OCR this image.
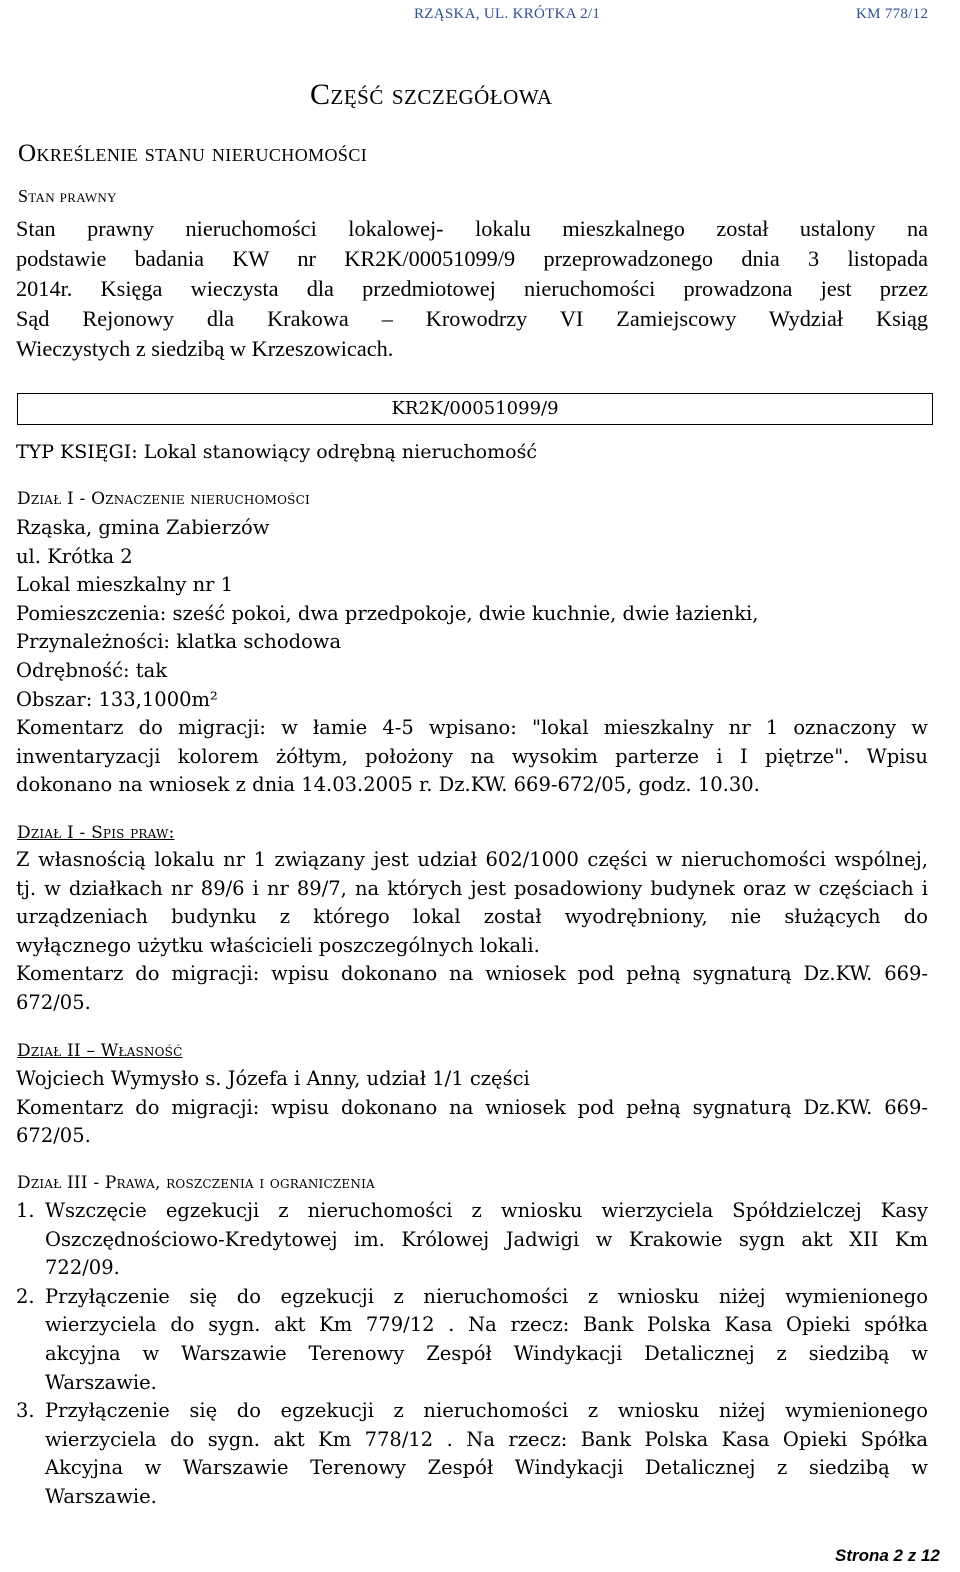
RZĄSKA, UL. KRÓTKA 2/1	KM 778/12
Część szczegółowa
Określenie stanu nieruchomości
Stan prawny
Stan prawny nieruchomości lokalowej- lokalu mieszkalnego został ustalony na
podstawie badania KW nr KR2K/00051099/9 przeprowadzonego dnia 3 listopada
2014r. Księga wieczysta dla przedmiotowej nieruchomości prowadzona jest przez
Sąd Rejonowy dla Krakowa – Krowodrzy VI Zamiejscowy Wydział Ksiąg
Wieczystych z siedzibą w Krzeszowicach.
KR2K/00051099/9
TYP KSIĘGI: Lokal stanowiący odrębną nieruchomość
Dział I - Oznaczenie nieruchomości
Rząska, gmina Zabierzów
ul. Krótka 2
Lokal mieszkalny nr 1
Pomieszczenia: sześć pokoi, dwa przedpokoje, dwie kuchnie, dwie łazienki,
Przynależności: klatka schodowa
Odrębność: tak
Obszar: 133,1000m²
Komentarz do migracji: w łamie 4-5 wpisano: "lokal mieszkalny nr 1 oznaczony w
inwentaryzacji kolorem żółtym, położony na wysokim parterze i I piętrze". Wpisu
dokonano na wniosek z dnia 14.03.2005 r. Dz.KW. 669-672/05, godz. 10.30.
Dział I - Spis praw:
Z własnością lokalu nr 1 związany jest udział 602/1000 części w nieruchomości wspólnej,
tj. w działkach nr 89/6 i nr 89/7, na których jest posadowiony budynek oraz w częściach i
urządzeniach budynku z którego lokal został wyodrębniony, nie służących do
wyłącznego użytku właścicieli poszczególnych lokali.
Komentarz do migracji: wpisu dokonano na wniosek pod pełną sygnaturą Dz.KW. 669-
672/05.
Dział II – Własność
Wojciech Wymysło s. Józefa i Anny, udział 1/1 części
Komentarz do migracji: wpisu dokonano na wniosek pod pełną sygnaturą Dz.KW. 669-
672/05.
Dział III - Prawa, roszczenia i ograniczenia
1. Wszczęcie egzekucji z nieruchomości z wniosku wierzyciela Spółdzielczej Kasy
Oszczędnościowo-Kredytowej im. Królowej Jadwigi w Krakowie sygn akt XII Km
722/09.
2. Przyłączenie się do egzekucji z nieruchomości z wniosku niżej wymienionego
wierzyciela do sygn. akt Km 779/12 . Na rzecz: Bank Polska Kasa Opieki spółka
akcyjna w Warszawie Terenowy Zespół Windykacji Detalicznej z siedzibą w
Warszawie.
3. Przyłączenie się do egzekucji z nieruchomości z wniosku niżej wymienionego
wierzyciela do sygn. akt Km 778/12 . Na rzecz: Bank Polska Kasa Opieki Spółka
Akcyjna w Warszawie Terenowy Zespół Windykacji Detalicznej z siedzibą w
Warszawie.
Strona 2 z 12
